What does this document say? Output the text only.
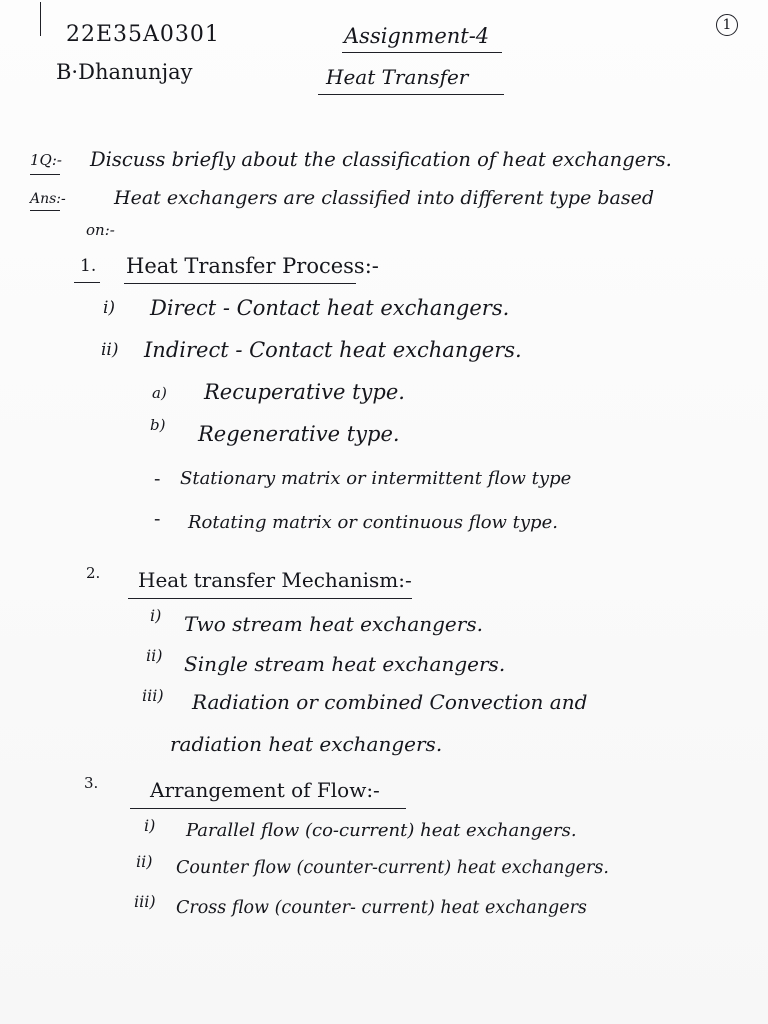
22E35A0301
B·Dhanunjay
Assignment-4
Heat Transfer
1
1Q:- Discuss briefly about the classification of heat exchangers.
Ans:-	Heat exchangers are classified into different type based
on:-
1. Heat Transfer Process:-
i) Direct - Contact heat exchangers.
ii) Indirect - Contact heat exchangers.
a) Recuperative type.
b) Regenerative type.
- Stationary matrix or intermittent flow type
- Rotating matrix or continuous flow type.
2. Heat transfer Mechanism:-
i) Two stream heat exchangers.
ii) Single stream heat exchangers.
iii) Radiation or combined Convection and
radiation heat exchangers.
3.	Arrangement of Flow:-
i) Parallel flow (co-current) heat exchangers.
ii) Counter flow (counter-current) heat exchangers.
iii) Cross flow (counter- current) heat exchangers
